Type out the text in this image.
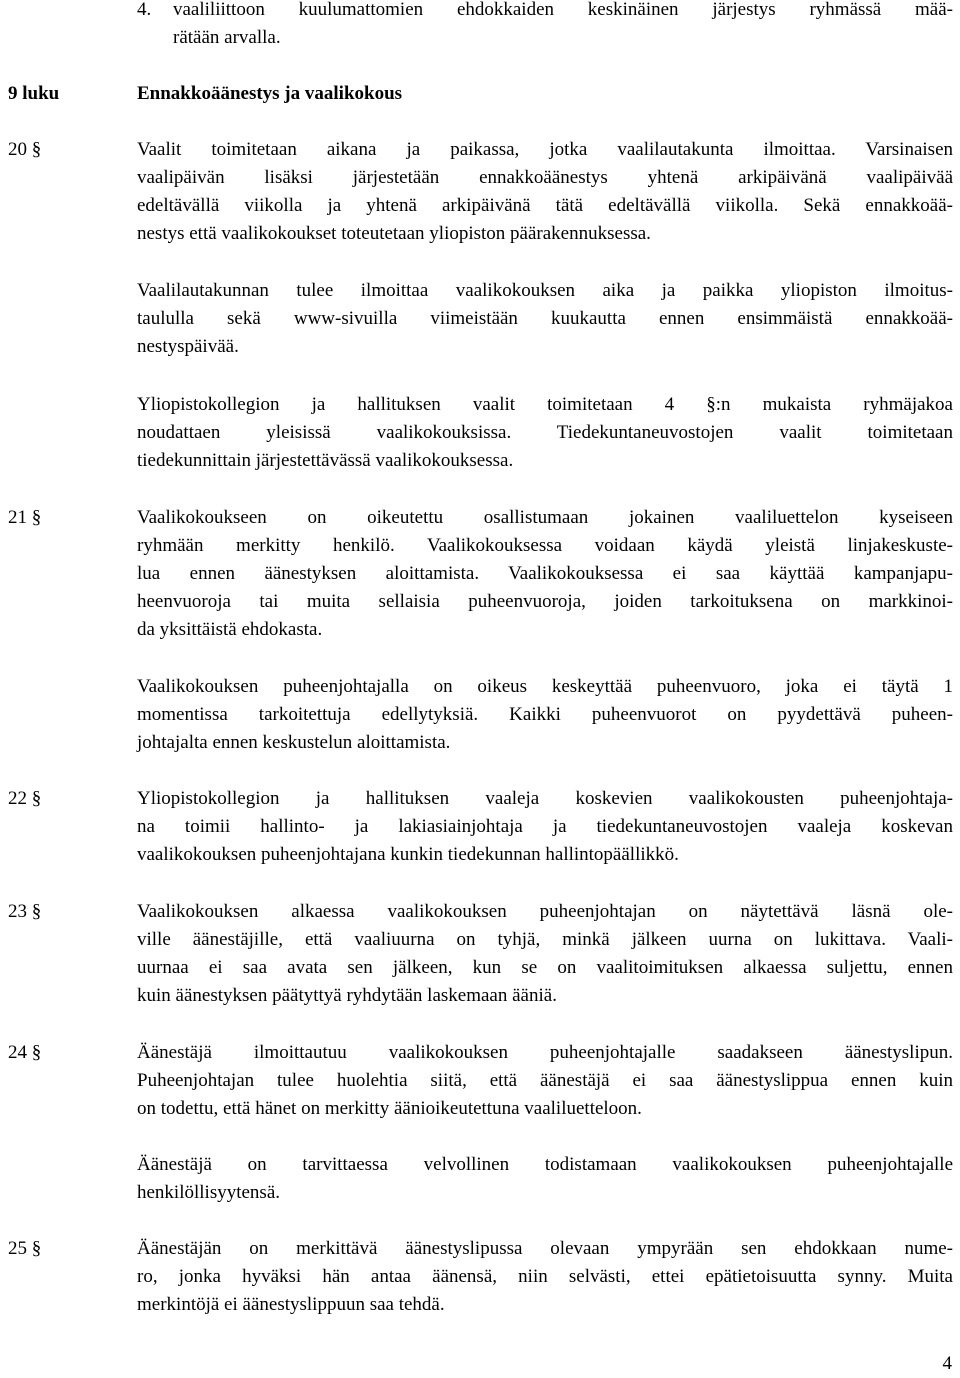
4. vaaliliittoon kuulumattomien ehdokkaiden keskinäinen järjestys ryhmässä mää-
rätään arvalla.
9 luku	Ennakkoäänestys ja vaalikokous
20 §	Vaalit toimitetaan aikana ja paikassa, jotka vaalilautakunta ilmoittaa. Varsinaisen
vaalipäivän lisäksi järjestetään ennakkoäänestys yhtenä arkipäivänä vaalipäivää
edeltävällä viikolla ja yhtenä arkipäivänä tätä edeltävällä viikolla. Sekä ennakkoää-
nestys että vaalikokoukset toteutetaan yliopiston päärakennuksessa.
Vaalilautakunnan tulee ilmoittaa vaalikokouksen aika ja paikka yliopiston ilmoitus-
taululla sekä www-sivuilla viimeistään kuukautta ennen ensimmäistä ennakkoää-
nestyspäivää.
Yliopistokollegion ja hallituksen vaalit toimitetaan 4 §:n mukaista ryhmäjakoa
noudattaen yleisissä vaalikokouksissa. Tiedekuntaneuvostojen vaalit toimitetaan
tiedekunnittain järjestettävässä vaalikokouksessa.
21 §	Vaalikokoukseen on oikeutettu osallistumaan jokainen vaaliluettelon kyseiseen
ryhmään merkitty henkilö. Vaalikokouksessa voidaan käydä yleistä linjakeskuste-
lua ennen äänestyksen aloittamista. Vaalikokouksessa ei saa käyttää kampanjapu-
heenvuoroja tai muita sellaisia puheenvuoroja, joiden tarkoituksena on markkinoi-
da yksittäistä ehdokasta.
Vaalikokouksen puheenjohtajalla on oikeus keskeyttää puheenvuoro, joka ei täytä 1
momentissa tarkoitettuja edellytyksiä. Kaikki puheenvuorot on pyydettävä puheen-
johtajalta ennen keskustelun aloittamista.
22 §	Yliopistokollegion ja hallituksen vaaleja koskevien vaalikokousten puheenjohtaja-
na toimii hallinto- ja lakiasiainjohtaja ja tiedekuntaneuvostojen vaaleja koskevan
vaalikokouksen puheenjohtajana kunkin tiedekunnan hallintopäällikkö.
23 §	Vaalikokouksen alkaessa vaalikokouksen puheenjohtajan on näytettävä läsnä ole-
ville äänestäjille, että vaaliuurna on tyhjä, minkä jälkeen uurna on lukittava. Vaali-
uurnaa ei saa avata sen jälkeen, kun se on vaalitoimituksen alkaessa suljettu, ennen
kuin äänestyksen päätyttyä ryhdytään laskemaan ääniä.
24 §	Äänestäjä ilmoittautuu vaalikokouksen puheenjohtajalle saadakseen äänestyslipun.
Puheenjohtajan tulee huolehtia siitä, että äänestäjä ei saa äänestyslippua ennen kuin
on todettu, että hänet on merkitty äänioikeutettuna vaaliluetteloon.
Äänestäjä on tarvittaessa velvollinen todistamaan vaalikokouksen puheenjohtajalle
henkilöllisyytensä.
25 §	Äänestäjän on merkittävä äänestyslipussa olevaan ympyrään sen ehdokkaan nume-
ro, jonka hyväksi hän antaa äänensä, niin selvästi, ettei epätietoisuutta synny. Muita
merkintöjä ei äänestyslippuun saa tehdä.
4
